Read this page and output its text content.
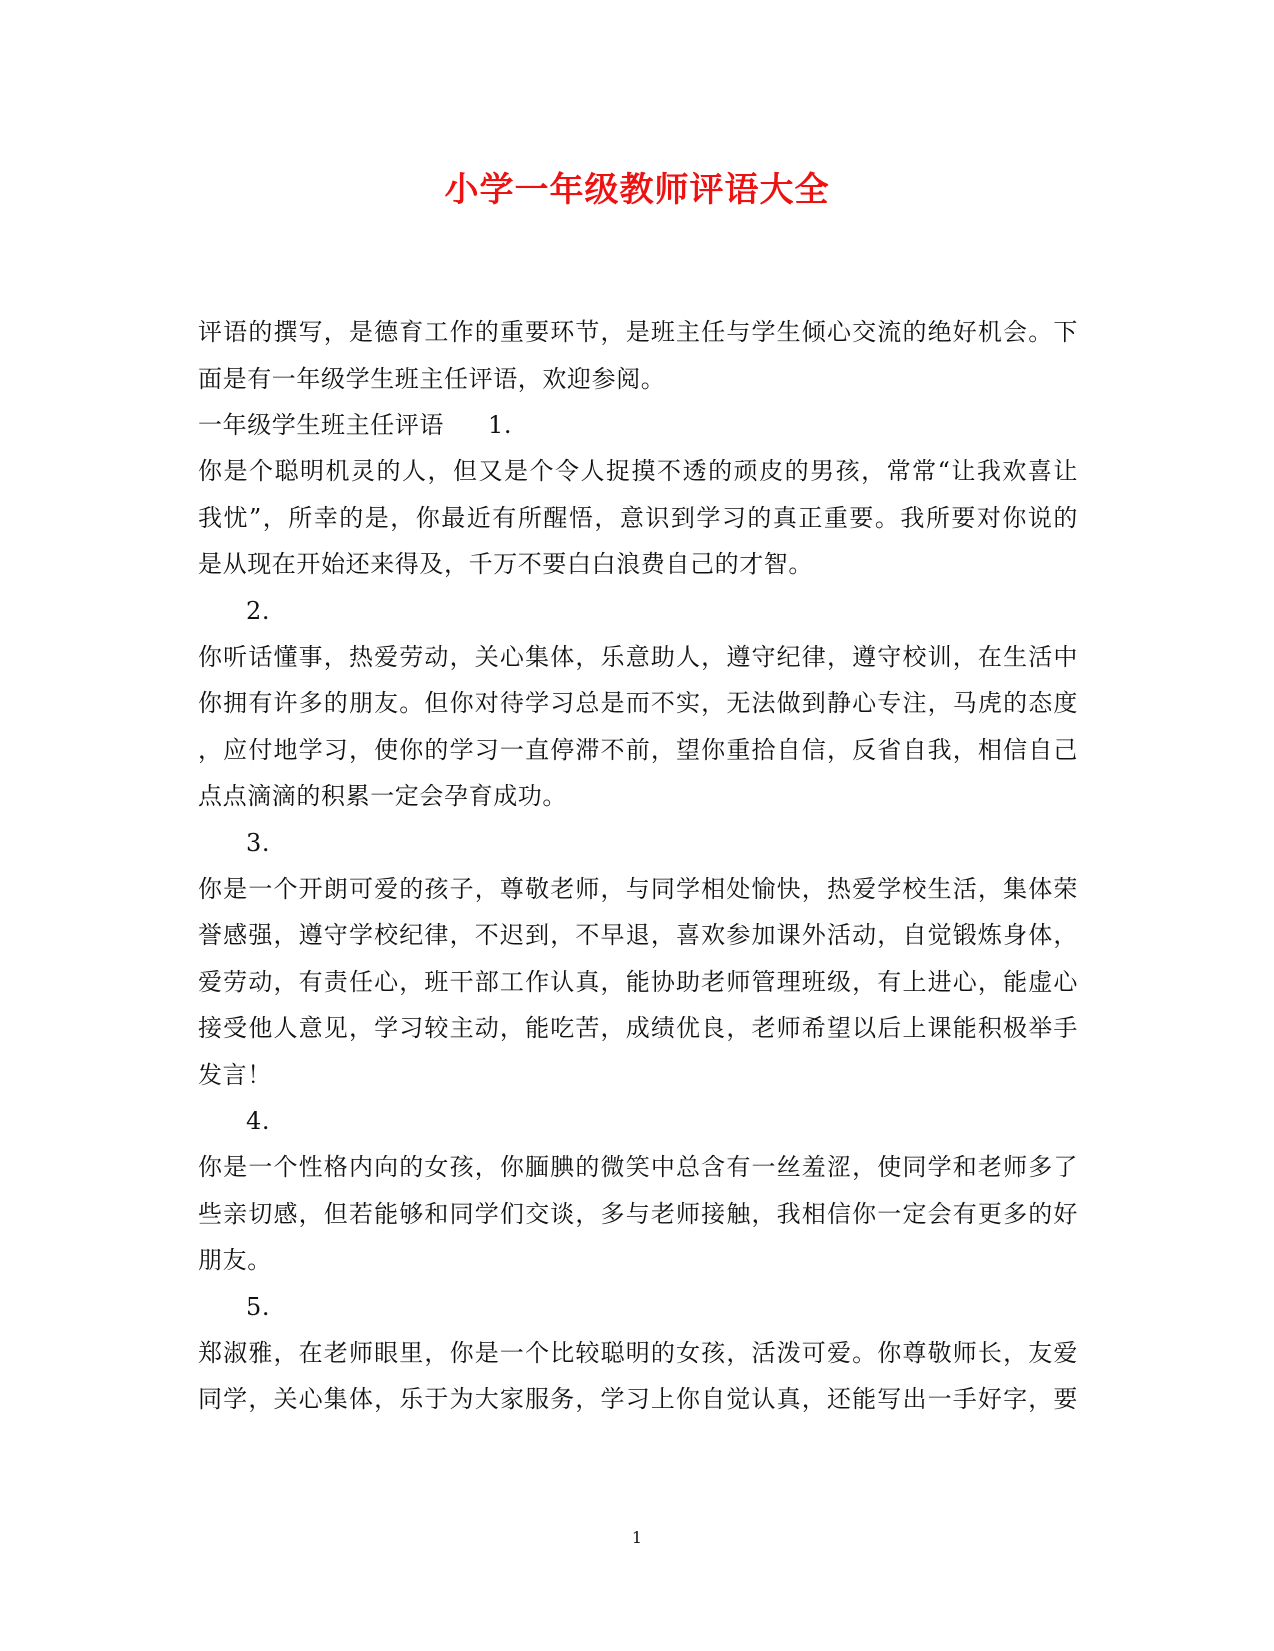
小学一年级教师评语大全
评语的撰写，是德育工作的重要环节，是班主任与学生倾心交流的绝好机会。下
面是有一年级学生班主任评语，欢迎参阅。
一年级学生班主任评语 1.
你是个聪明机灵的人，但又是个令人捉摸不透的顽皮的男孩，常常“让我欢喜让
我忧”，所幸的是，你最近有所醒悟，意识到学习的真正重要。我所要对你说的
是从现在开始还来得及，千万不要白白浪费自己的才智。
2.
你听话懂事，热爱劳动，关心集体，乐意助人，遵守纪律，遵守校训，在生活中
你拥有许多的朋友。但你对待学习总是而不实，无法做到静心专注，马虎的态度
，应付地学习，使你的学习一直停滞不前，望你重拾自信，反省自我，相信自己
点点滴滴的积累一定会孕育成功。
3.
你是一个开朗可爱的孩子，尊敬老师，与同学相处愉快，热爱学校生活，集体荣
誉感强，遵守学校纪律，不迟到，不早退，喜欢参加课外活动，自觉锻炼身体，
爱劳动，有责任心，班干部工作认真，能协助老师管理班级，有上进心，能虚心
接受他人意见，学习较主动，能吃苦，成绩优良，老师希望以后上课能积极举手
发言！
4.
你是一个性格内向的女孩，你腼腆的微笑中总含有一丝羞涩，使同学和老师多了
些亲切感，但若能够和同学们交谈，多与老师接触，我相信你一定会有更多的好
朋友。
5.
郑淑雅，在老师眼里，你是一个比较聪明的女孩，活泼可爱。你尊敬师长，友爱
同学，关心集体，乐于为大家服务，学习上你自觉认真，还能写出一手好字，要
1
